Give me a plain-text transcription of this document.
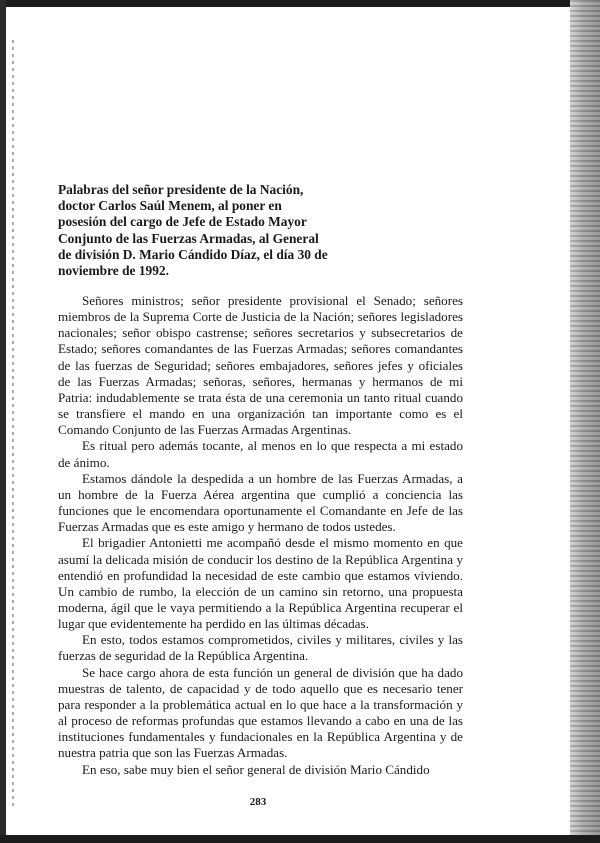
Palabras del señor presidente de la Nación, doctor Carlos Saúl Menem, al poner en posesión del cargo de Jefe de Estado Mayor Conjunto de las Fuerzas Armadas, al General de división D. Mario Cándido Díaz, el día 30 de noviembre de 1992.

Señores ministros; señor presidente provisional el Senado; señores miembros de la Suprema Corte de Justicia de la Nación; señores legisladores nacionales; señor obispo castrense; señores secretarios y subsecretarios de Estado; señores comandantes de las Fuerzas Armadas; señores comandantes de las fuerzas de Seguridad; señores embajadores, señores jefes y oficiales de las Fuerzas Armadas; señoras, señores, hermanas y hermanos de mi Patria: indudablemente se trata ésta de una ceremonia un tanto ritual cuando se transfiere el mando en una organización tan importante como es el Comando Conjunto de las Fuerzas Armadas Argentinas.

Es ritual pero además tocante, al menos en lo que respecta a mi estado de ánimo.

Estamos dándole la despedida a un hombre de las Fuerzas Armadas, a un hombre de la Fuerza Aérea argentina que cumplió a conciencia las funciones que le encomendara oportunamente el Comandante en Jefe de las Fuerzas Armadas que es este amigo y hermano de todos ustedes.

El brigadier Antonietti me acompañó desde el mismo momento en que asumí la delicada misión de conducir los destino de la República Argentina y entendió en profundidad la necesidad de este cambio que estamos viviendo. Un cambio de rumbo, la elección de un camino sin retorno, una propuesta moderna, ágil que le vaya permitiendo a la República Argentina recuperar el lugar que evidentemente ha perdido en las últimas décadas.

En esto, todos estamos comprometidos, civiles y militares, civiles y las fuerzas de seguridad de la República Argentina.

Se hace cargo ahora de esta función un general de división que ha dado muestras de talento, de capacidad y de todo aquello que es necesario tener para responder a la problemática actual en lo que hace a la transformación y al proceso de reformas profundas que estamos llevando a cabo en una de las instituciones fundamentales y fundacionales en la República Argentina y de nuestra patria que son las Fuerzas Armadas.

En eso, sabe muy bien el señor general de división Mario Cándido

283
